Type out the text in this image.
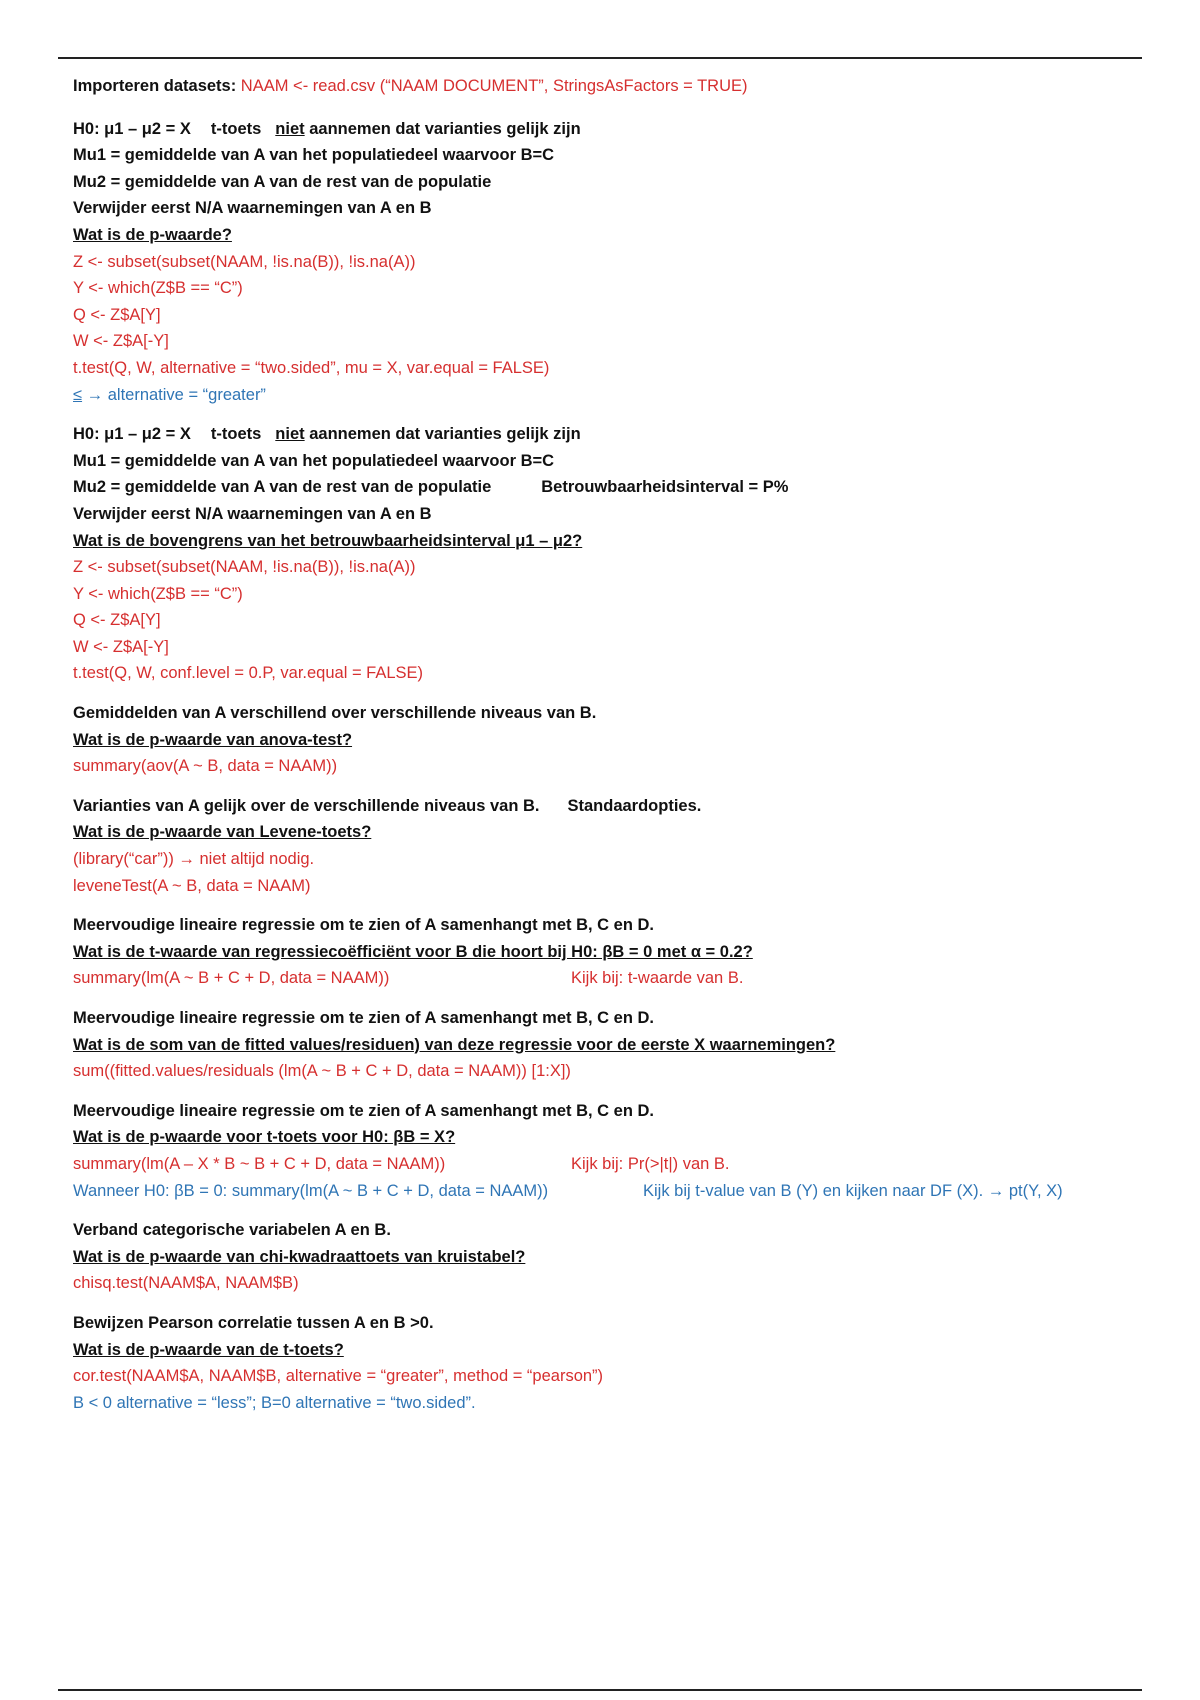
Importeren datasets: NAAM <- read.csv (“NAAM DOCUMENT”, StringsAsFactors = TRUE)

H0: μ1 – μ2 = X t-toets niet aannemen dat varianties gelijk zijn

Mu1 = gemiddelde van A van het populatiedeel waarvoor B=C

Mu2 = gemiddelde van A van de rest van de populatie

Verwijder eerst N/A waarnemingen van A en B

Wat is de p-waarde?

Z <- subset(subset(NAAM, !is.na(B)), !is.na(A))

Y <- which(Z$B == “C”)

Q <- Z$A[Y]

W <- Z$A[-Y]

t.test(Q, W, alternative = “two.sided”, mu = X, var.equal = FALSE)

≤ → alternative = “greater”

H0: μ1 – μ2 = X t-toets niet aannemen dat varianties gelijk zijn

Mu1 = gemiddelde van A van het populatiedeel waarvoor B=C

Mu2 = gemiddelde van A van de rest van de populatie	Betrouwbaarheidsinterval = P%

Verwijder eerst N/A waarnemingen van A en B

Wat is de bovengrens van het betrouwbaarheidsinterval μ1 – μ2?

Z <- subset(subset(NAAM, !is.na(B)), !is.na(A))

Y <- which(Z$B == “C”)

Q <- Z$A[Y]

W <- Z$A[-Y]

t.test(Q, W, conf.level = 0.P, var.equal = FALSE)

Gemiddelden van A verschillend over verschillende niveaus van B.

Wat is de p-waarde van anova-test?

summary(aov(A ~ B, data = NAAM))

Varianties van A gelijk over de verschillende niveaus van B. Standaardopties.

Wat is de p-waarde van Levene-toets?

(library(“car”)) → niet altijd nodig.

leveneTest(A ~ B, data = NAAM)

Meervoudige lineaire regressie om te zien of A samenhangt met B, C en D.

Wat is de t-waarde van regressiecoëfficiënt voor B die hoort bij H0: βB = 0 met α = 0.2?

summary(lm(A ~ B + C + D, data = NAAM))	Kijk bij: t-waarde van B.

Meervoudige lineaire regressie om te zien of A samenhangt met B, C en D.

Wat is de som van de fitted values/residuen) van deze regressie voor de eerste X waarnemingen?

sum((fitted.values/residuals (lm(A ~ B + C + D, data = NAAM)) [1:X])

Meervoudige lineaire regressie om te zien of A samenhangt met B, C en D.

Wat is de p-waarde voor t-toets voor H0: βB = X?

summary(lm(A – X * B ~ B + C + D, data = NAAM))	Kijk bij: Pr(>|t|) van B.

Wanneer H0: βB = 0: summary(lm(A ~ B + C + D, data = NAAM))	Kijk bij t-value van B (Y) en kijken naar DF (X). → pt(Y, X)

Verband categorische variabelen A en B.

Wat is de p-waarde van chi-kwadraattoets van kruistabel?

chisq.test(NAAM$A, NAAM$B)

Bewijzen Pearson correlatie tussen A en B >0.

Wat is de p-waarde van de t-toets?

cor.test(NAAM$A, NAAM$B, alternative = “greater”, method = “pearson”)

B < 0 alternative = “less”; B=0 alternative = “two.sided”.
